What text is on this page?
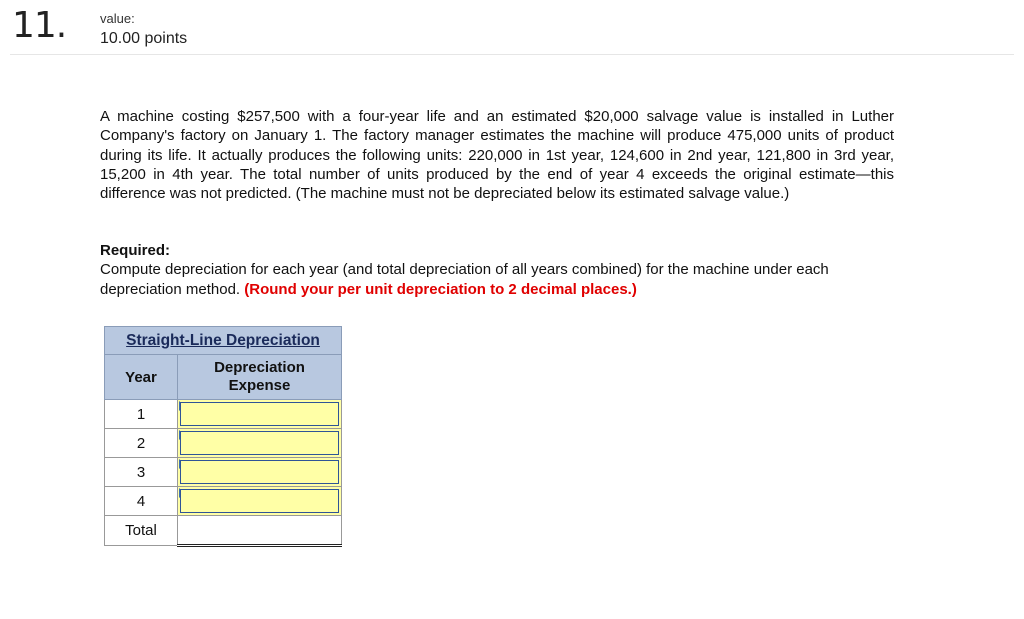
11.	value:
10.00 points
A machine costing $257,500 with a four-year life and an estimated $20,000 salvage value is installed in Luther Company's factory on January 1. The factory manager estimates the machine will produce 475,000 units of product during its life. It actually produces the following units: 220,000 in 1st year, 124,600 in 2nd year, 121,800 in 3rd year, 15,200 in 4th year. The total number of units produced by the end of year 4 exceeds the original estimate—this difference was not predicted. (The machine must not be depreciated below its estimated salvage value.)
Required:
Compute depreciation for each year (and total depreciation of all years combined) for the machine under each depreciation method. (Round your per unit depreciation to 2 decimal places.)
Straight-Line Depreciation	
Year	Depreciation
Expense

1	

2	

3	

4	

Total	
